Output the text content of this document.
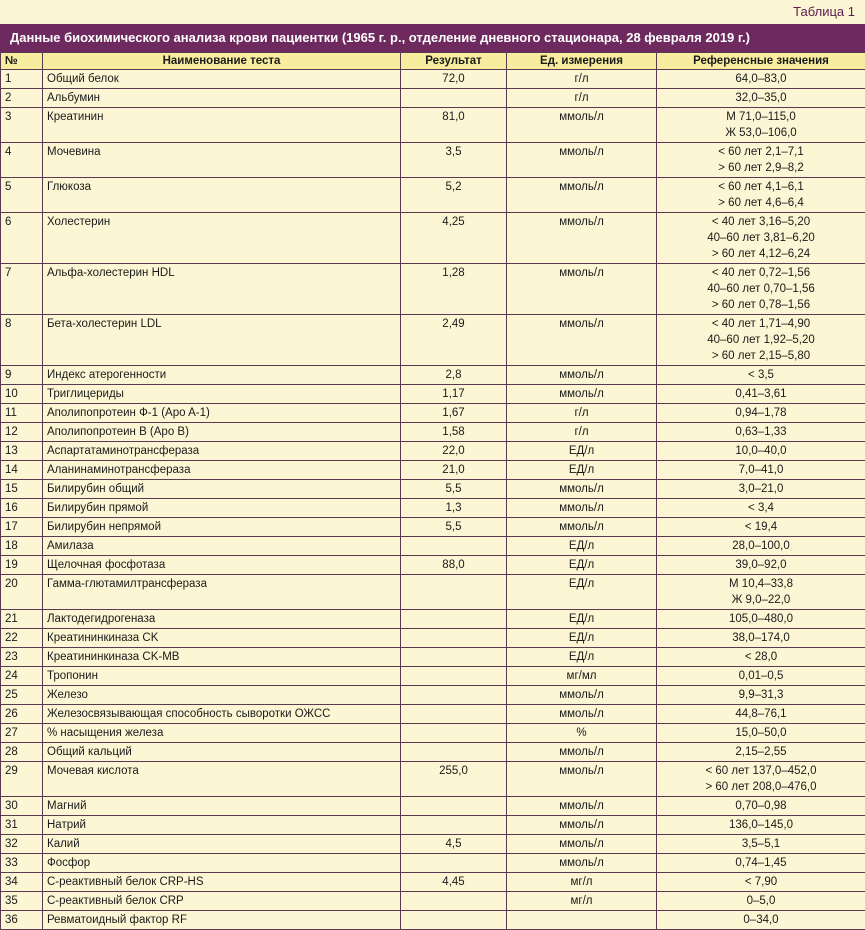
Таблица 1
Данные биохимического анализа крови пациентки (1965 г. р., отделение дневного стационара, 28 февраля 2019 г.)
№	Наименование теста	Результат	Ед. измерения	Референсные значения
1	Общий белок	72,0	г/л	64,0–83,0

2	Альбумин		г/л	32,0–35,0

3	Креатинин	81,0	ммоль/л	М 71,0–115,0
Ж 53,0–106,0

4	Мочевина	3,5	ммоль/л	< 60 лет 2,1–7,1
> 60 лет 2,9–8,2

5	Глюкоза	5,2	ммоль/л	< 60 лет 4,1–6,1
> 60 лет 4,6–6,4

6	Холестерин	4,25	ммоль/л	< 40 лет 3,16–5,20
40–60 лет 3,81–6,20
> 60 лет 4,12–6,24

7	Альфа-холестерин HDL	1,28	ммоль/л	< 40 лет 0,72–1,56
40–60 лет 0,70–1,56
> 60 лет 0,78–1,56

8	Бета-холестерин LDL	2,49	ммоль/л	< 40 лет 1,71–4,90
40–60 лет 1,92–5,20
> 60 лет 2,15–5,80

9	Индекс атерогенности	2,8	ммоль/л	< 3,5

10	Триглицериды	1,17	ммоль/л	0,41–3,61

11	Аполипопротеин Ф-1 (Apo A-1)	1,67	г/л	0,94–1,78

12	Аполипопротеин В (Apo B)	1,58	г/л	0,63–1,33

13	Аспартатаминотрансфераза	22,0	ЕД/л	10,0–40,0

14	Аланинаминотрансфераза	21,0	ЕД/л	7,0–41,0

15	Билирубин общий	5,5	ммоль/л	3,0–21,0

16	Билирубин прямой	1,3	ммоль/л	< 3,4

17	Билирубин непрямой	5,5	ммоль/л	< 19,4

18	Амилаза		ЕД/л	28,0–100,0

19	Щелочная фосфотаза	88,0	ЕД/л	39,0–92,0

20	Гамма-глютамилтрансфераза		ЕД/л	М 10,4–33,8
Ж 9,0–22,0

21	Лактодегидрогеназа		ЕД/л	105,0–480,0

22	Креатининкиназа CK		ЕД/л	38,0–174,0

23	Креатининкиназа CK-MB		ЕД/л	< 28,0

24	Тропонин		мг/мл	0,01–0,5

25	Железо		ммоль/л	9,9–31,3

26	Железосвязывающая способность сыворотки ОЖСС		ммоль/л	44,8–76,1

27	% насыщения железа		%	15,0–50,0

28	Общий кальций		ммоль/л	2,15–2,55

29	Мочевая кислота	255,0	ммоль/л	< 60 лет 137,0–452,0
> 60 лет 208,0–476,0

30	Магний		ммоль/л	0,70–0,98

31	Натрий		ммоль/л	136,0–145,0

32	Калий	4,5	ммоль/л	3,5–5,1

33	Фосфор		ммоль/л	0,74–1,45

34	С-реактивный белок CRP-HS	4,45	мг/л	< 7,90

35	С-реактивный белок CRP		мг/л	0–5,0

36	Ревматоидный фактор RF			0–34,0
